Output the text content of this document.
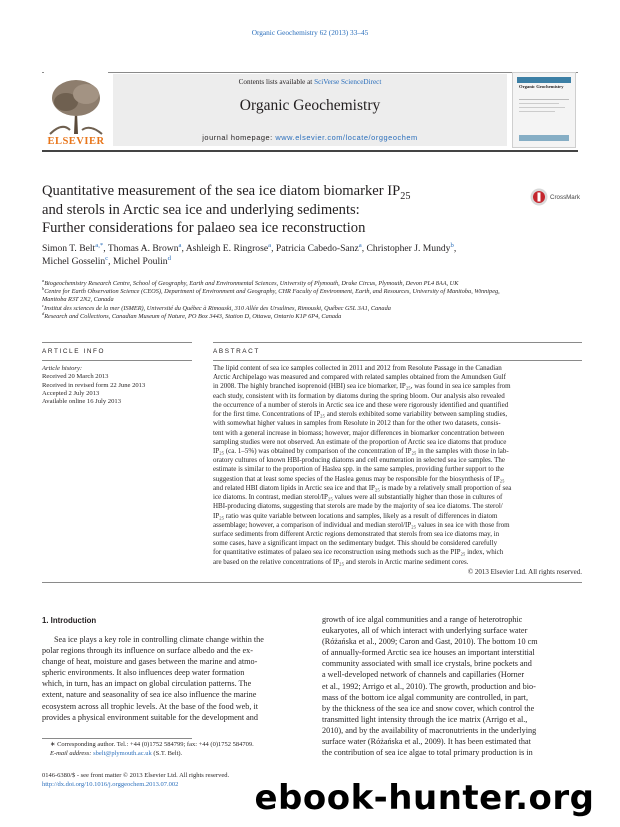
Organic Geochemistry 62 (2013) 33–45
ELSEVIER
Contents lists available at SciVerse ScienceDirect
Organic Geochemistry
journal homepage: www.elsevier.com/locate/orggeochem
Organic Geochemistry
Quantitative measurement of the sea ice diatom biomarker $IP_{25}$
and sterols in Arctic sea ice and underlying sediments:
Further considerations for palaeo sea ice reconstruction
CrossMark
Simon T. Belt$^{a,*}$, Thomas A. Brown$^a$, Ashleigh E. Ringrose$^a$, Patricia Cabedo-Sanz$^a$, Christopher J. Mundy$^b$,
Michel Gosselin$^c$, Michel Poulin$^d$
$^a$Biogeochemistry Research Centre, School of Geography, Earth and Environmental Sciences, University of Plymouth, Drake Circus, Plymouth, Devon PL4 8AA, UK
$^b$Centre for Earth Observation Science (CEOS), Department of Environment and Geography, CHR Faculty of Environment, Earth, and Resources, University of Manitoba, Winnipeg,
Manitoba R3T 2N2, Canada
$^c$Institut des sciences de la mer (ISMER), Université du Québec à Rimouski, 310 Allée des Ursulines, Rimouski, Québec G5L 3A1, Canada
$^d$Research and Collections, Canadian Museum of Nature, PO Box 3443, Station D, Ottawa, Ontario K1P 6P4, Canada
ARTICLE INFO
Article history:
Received 20 March 2013
Received in revised form 22 June 2013
Accepted 2 July 2013
Available online 16 July 2013
ABSTRACT
The lipid content of sea ice samples collected in 2011 and 2012 from Resolute Passage in the Canadian
Arctic Archipelago was measured and compared with related samples obtained from the Amundsen Gulf
in 2008. The highly branched isoprenoid (HBI) sea ice biomarker, IP₂₅, was found in sea ice samples from
each study, consistent with its formation by diatoms during the spring bloom. Our analysis also revealed
the occurrence of a number of sterols in Arctic sea ice and these were rigorously identified and quantified
for the first time. Concentrations of IP₂₅ and sterols exhibited some variability between sampling studies,
with somewhat higher values in samples from Resolute in 2012 than for the other two datasets, consis-
tent with a general increase in biomass; however, major differences in biomarker concentration between
sampling studies were not observed. An estimate of the proportion of Arctic sea ice diatoms that produce
IP₂₅ (ca. 1–5%) was obtained by comparison of the concentration of IP₂₅ in the samples with those in lab-
oratory cultures of known HBI-producing diatoms and cell enumeration in selected sea ice samples. The
estimate is similar to the proportion of Haslea spp. in the same samples, providing further support to the
suggestion that at least some species of the Haslea genus may be responsible for the biosynthesis of IP₂₅
and related HBI diatom lipids in Arctic sea ice and that IP₂₅ is made by a relatively small proportion of sea
ice diatoms. In contrast, median sterol/IP₂₅ values were all substantially higher than those in cultures of
HBI-producing diatoms, suggesting that sterols are made by the majority of sea ice diatoms. The sterol/
IP₂₅ ratio was quite variable between locations and samples, likely as a result of differences in diatom
assemblage; however, a comparison of individual and median sterol/IP₂₅ values in sea ice with those from
surface sediments from different Arctic regions demonstrated that sterols from sea ice diatoms may, in
some cases, have a significant impact on the sedimentary budget. This should be considered carefully
for quantitative estimates of palaeo sea ice reconstruction using methods such as the PIP₂₅ index, which
are based on the relative concentrations of IP₂₅ and sterols in Arctic marine sediment cores.
© 2013 Elsevier Ltd. All rights reserved.
1. Introduction
Sea ice plays a key role in controlling climate change within the
polar regions through its influence on surface albedo and the ex-
change of heat, moisture and gases between the marine and atmo-
spheric environments. It also influences deep water formation
which, in turn, has an impact on global circulation patterns. The
extent, nature and seasonality of sea ice also influence the marine
ecosystem across all trophic levels. At the base of the food web, it
provides a physical environment suitable for the development and
growth of ice algal communities and a range of heterotrophic
eukaryotes, all of which interact with underlying surface water
(Różańska et al., 2009; Caron and Gast, 2010). The bottom 10 cm
of annually-formed Arctic sea ice houses an important interstitial
community associated with small ice crystals, brine pockets and
a well-developed network of channels and capillaries (Horner
et al., 1992; Arrigo et al., 2010). The growth, production and bio-
mass of the bottom ice algal community are controlled, in part,
by the thickness of the sea ice and snow cover, which control the
transmitted light intensity through the ice matrix (Arrigo et al.,
2010), and by the availability of macronutrients in the underlying
surface water (Różańska et al., 2009). It has been estimated that
the contribution of sea ice algae to total primary production is in
∗ Corresponding author. Tel.: +44 (0)1752 584799; fax: +44 (0)1752 584709.
E-mail address: sbelt@plymouth.ac.uk (S.T. Belt).
0146-6380/$ - see front matter © 2013 Elsevier Ltd. All rights reserved.
http://dx.doi.org/10.1016/j.orggeochem.2013.07.002	ebook-hunter.org
